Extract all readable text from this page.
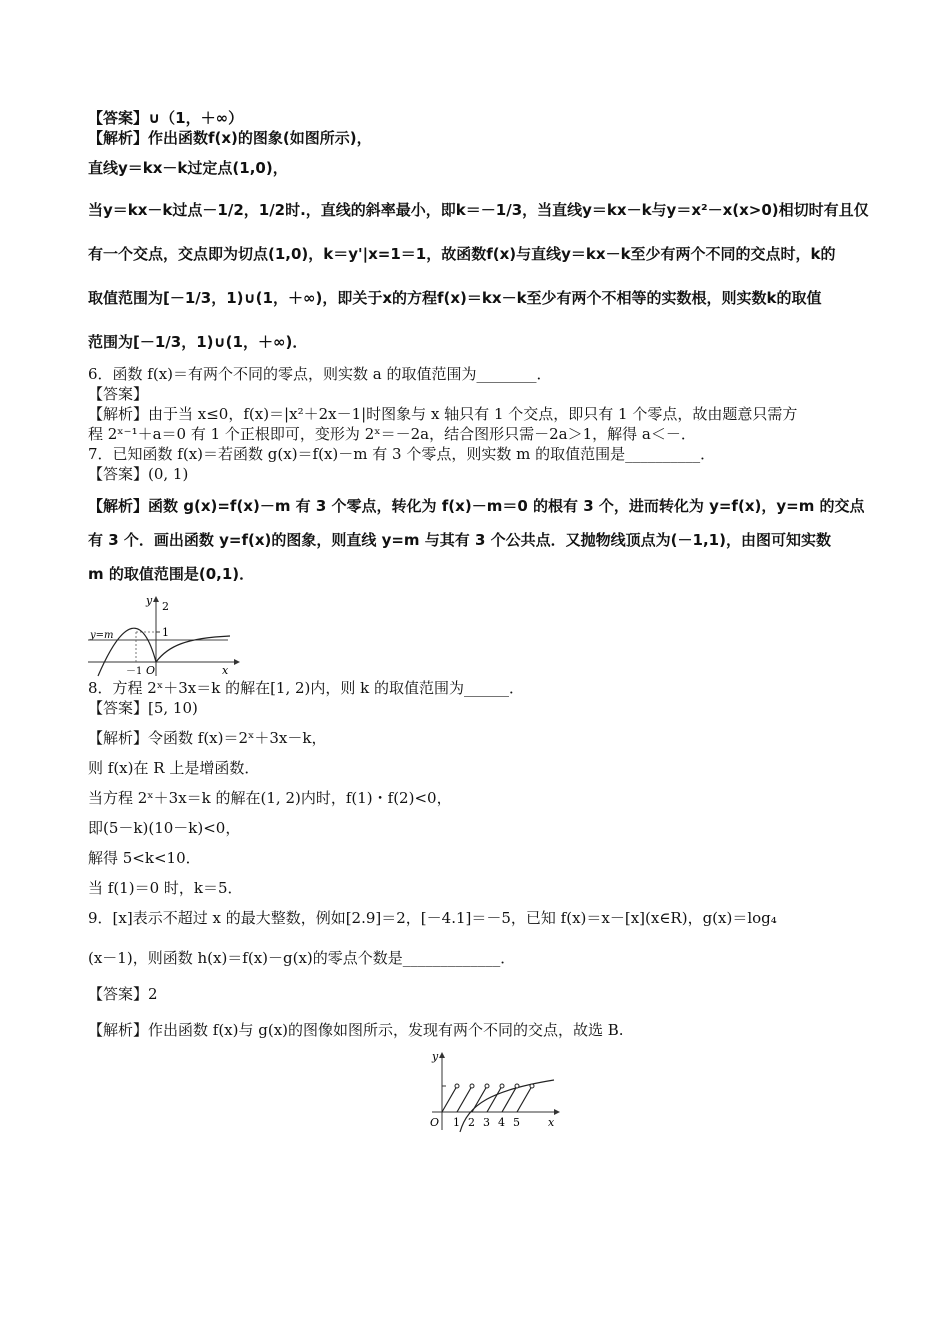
【答案】∪（1，＋∞）

【解析】作出函数f(x)的图象(如图所示)，

直线y＝kx－k过定点(1,0)，

当y＝kx－k过点－1/2，1/2时.，直线的斜率最小，即k＝－1/3，当直线y＝kx－k与y＝x²－x(x>0)相切时有且仅

有一个交点，交点即为切点(1,0)，k＝y'|x=1＝1，故函数f(x)与直线y＝kx－k至少有两个不同的交点时，k的

取值范围为[－1/3，1)∪(1，＋∞)，即关于x的方程f(x)＝kx－k至少有两个不相等的实数根，则实数k的取值

范围为[－1/3，1)∪(1，＋∞)．

6．函数 f(x)＝有两个不同的零点，则实数 a 的取值范围为________．

【答案】

【解析】由于当 x≤0，f(x)＝|x²＋2x－1|时图象与 x 轴只有 1 个交点，即只有 1 个零点，故由题意只需方

程 2ˣ⁻¹＋a＝0 有 1 个正根即可，变形为 2ˣ＝－2a，结合图形只需－2a＞1，解得 a＜－．

7．已知函数 f(x)＝若函数 g(x)＝f(x)－m 有 3 个零点，则实数 m 的取值范围是__________．

【答案】(0, 1)

【解析】函数 g(x)=f(x)－m 有 3 个零点，转化为 f(x)－m＝0 的根有 3 个，进而转化为 y=f(x)，y=m 的交点

有 3 个．画出函数 y=f(x)的图象，则直线 y=m 与其有 3 个公共点．又抛物线顶点为(－1,1)，由图可知实数

m 的取值范围是(0,1)．

y 2
1
y=m
－1 O	x

8．方程 2ˣ＋3x＝k 的解在[1, 2)内，则 k 的取值范围为______．

【答案】[5, 10)

【解析】令函数 f(x)＝2ˣ＋3x－k，

则 f(x)在 R 上是增函数．

当方程 2ˣ＋3x＝k 的解在(1, 2)内时，f(1)・f(2)<0，

即(5－k)(10－k)<0，

解得 5<k<10．

当 f(1)＝0 时，k＝5．

9．[x]表示不超过 x 的最大整数，例如[2.9]＝2，[－4.1]＝－5，已知 f(x)＝x－[x](x∈R)，g(x)＝log₄

(x－1)，则函数 h(x)＝f(x)－g(x)的零点个数是_____________．

【答案】2

【解析】作出函数 f(x)与 g(x)的图像如图所示，发现有两个不同的交点，故选 B.

y
O 1 2 3 4 5	x
